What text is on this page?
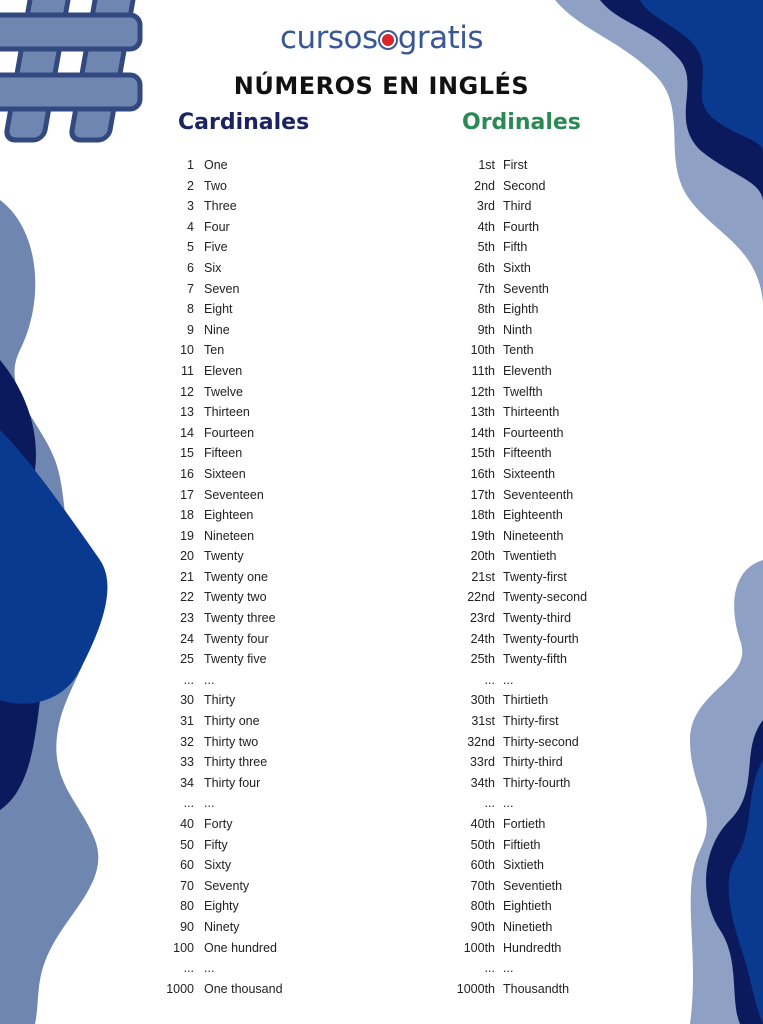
cursos gratis
NÚMEROS EN INGLÉS
Cardinales	Ordinales
1 One
2 Two
3 Three
4 Four
5 Five
6 Six
7 Seven
8 Eight
9 Nine
10 Ten
11 Eleven
12 Twelve
13 Thirteen
14 Fourteen
15 Fifteen
16 Sixteen
17 Seventeen
18 Eighteen
19 Nineteen
20 Twenty
21 Twenty one
22 Twenty two
23 Twenty three
24 Twenty four
25 Twenty five
... ...
30 Thirty
31 Thirty one
32 Thirty two
33 Thirty three
34 Thirty four
... ...
40 Forty
50 Fifty
60 Sixty
70 Seventy
80 Eighty
90 Ninety
100 One hundred
... ...
1000 One thousand
1st First
2nd Second
3rd Third
4th Fourth
5th Fifth
6th Sixth
7th Seventh
8th Eighth
9th Ninth
10th Tenth
11th Eleventh
12th Twelfth
13th Thirteenth
14th Fourteenth
15th Fifteenth
16th Sixteenth
17th Seventeenth
18th Eighteenth
19th Nineteenth
20th Twentieth
21st Twenty-first
22nd Twenty-second
23rd Twenty-third
24th Twenty-fourth
25th Twenty-fifth
... ...
30th Thirtieth
31st Thirty-first
32nd Thirty-second
33rd Thirty-third
34th Thirty-fourth
... ...
40th Fortieth
50th Fiftieth
60th Sixtieth
70th Seventieth
80th Eightieth
90th Ninetieth
100th Hundredth
... ...
1000th Thousandth
